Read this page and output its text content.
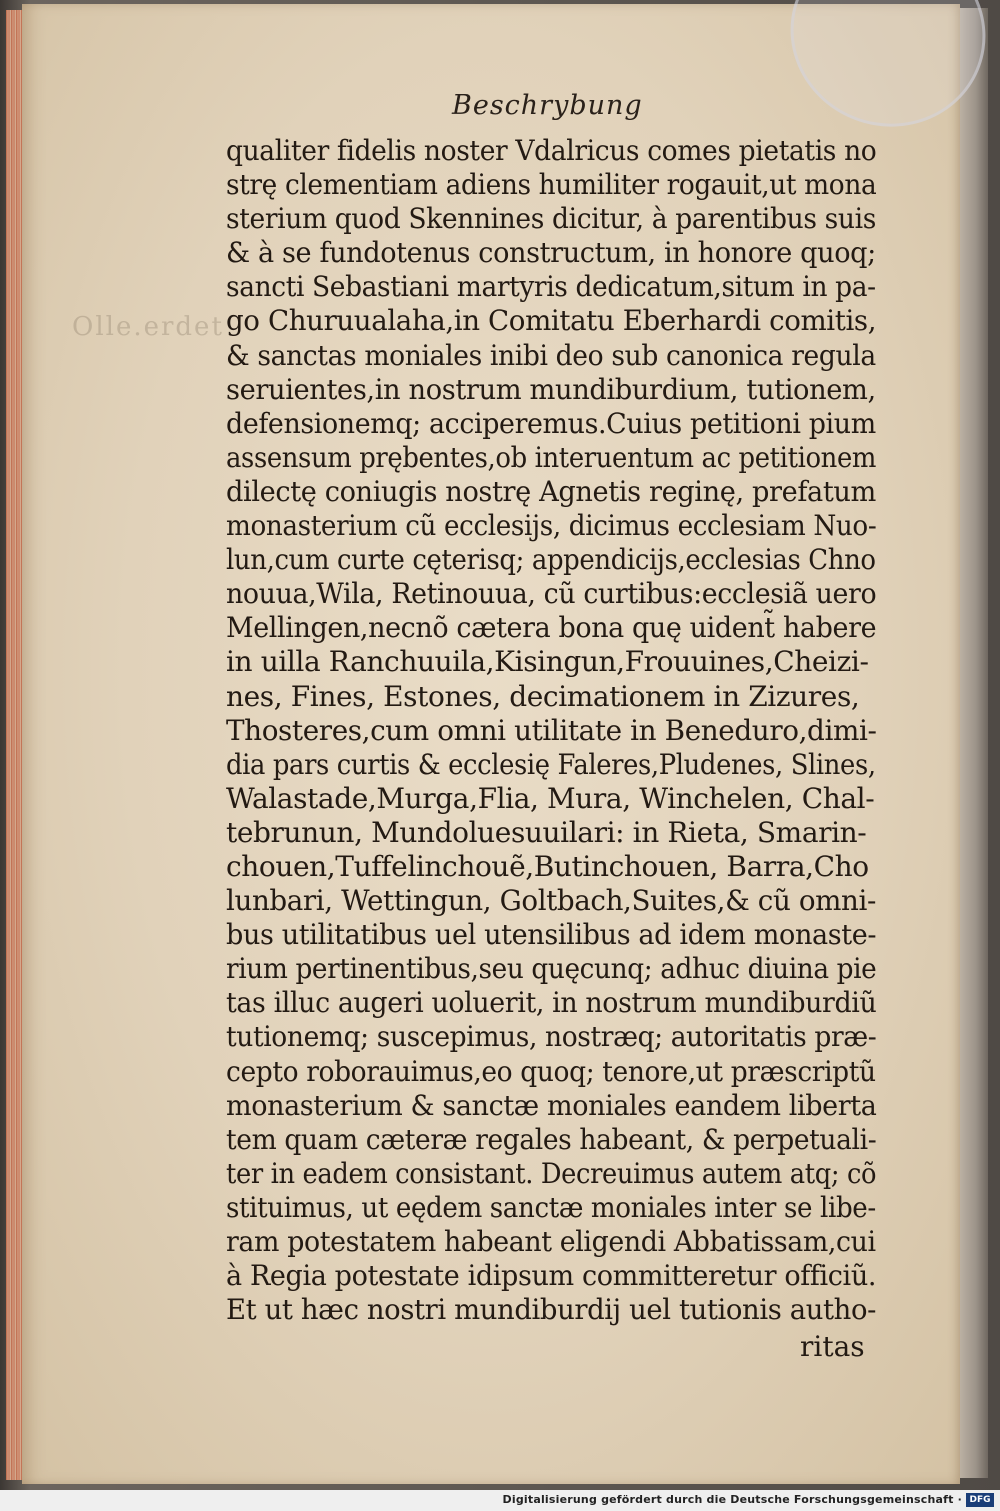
Olle.erdet
Beschrybung
qualiter fidelis noster Vdalricus comes pietatis no
strę clementiam adiens humiliter rogauit,ut mona
sterium quod Skennines dicitur, à parentibus suis
& à se fundotenus constructum, in honore quoq;
sancti Sebastiani martyris dedicatum,situm in pa-
go Churuualaha,in Comitatu Eberhardi comitis,
& sanctas moniales inibi deo sub canonica regula
seruientes,in nostrum mundiburdium, tutionem,
defensionemq; acciperemus.Cuius petitioni pium
assensum prębentes,ob interuentum ac petitionem
dilectę coniugis nostrę Agnetis reginę, prefatum
monasterium cũ ecclesijs, dicimus ecclesiam Nuo-
lun,cum curte cęterisq; appendicijs,ecclesias Chno
nouua,Wila, Retinouua, cũ curtibus:ecclesiã uero
Mellingen,necnõ cætera bona quę uident̃ habere
in uilla Ranchuuila,Kisingun,Frouuines,Cheizi-
nes, Fines, Estones, decimationem in Zizures,
Thosteres,cum omni utilitate in Beneduro,dimi-
dia pars curtis & ecclesię Faleres,Pludenes, Slines,
Walastade,Murga,Flia, Mura, Winchelen, Chal-
tebrunun, Mundoluesuuilari: in Rieta, Smarin-
chouen,Tuffelinchouẽ,Butinchouen, Barra,Cho
lunbari, Wettingun, Goltbach,Suites,& cũ omni-
bus utilitatibus uel utensilibus ad idem monaste-
rium pertinentibus,seu quęcunq; adhuc diuina pie
tas illuc augeri uoluerit, in nostrum mundiburdiũ
tutionemq; suscepimus, nostræq; autoritatis præ-
cepto roborauimus,eo quoq; tenore,ut præscriptũ
monasterium & sanctæ moniales eandem liberta
tem quam cæteræ regales habeant, & perpetuali-
ter in eadem consistant. Decreuimus autem atq; cõ
stituimus, ut eędem sanctæ moniales inter se libe-
ram potestatem habeant eligendi Abbatissam,cui
à Regia potestate idipsum committeretur officiũ.
Et ut hæc nostri mundiburdij uel tutionis autho-
ritas
Digitalisierung gefördert durch die Deutsche Forschungsgemeinschaft · DFG
